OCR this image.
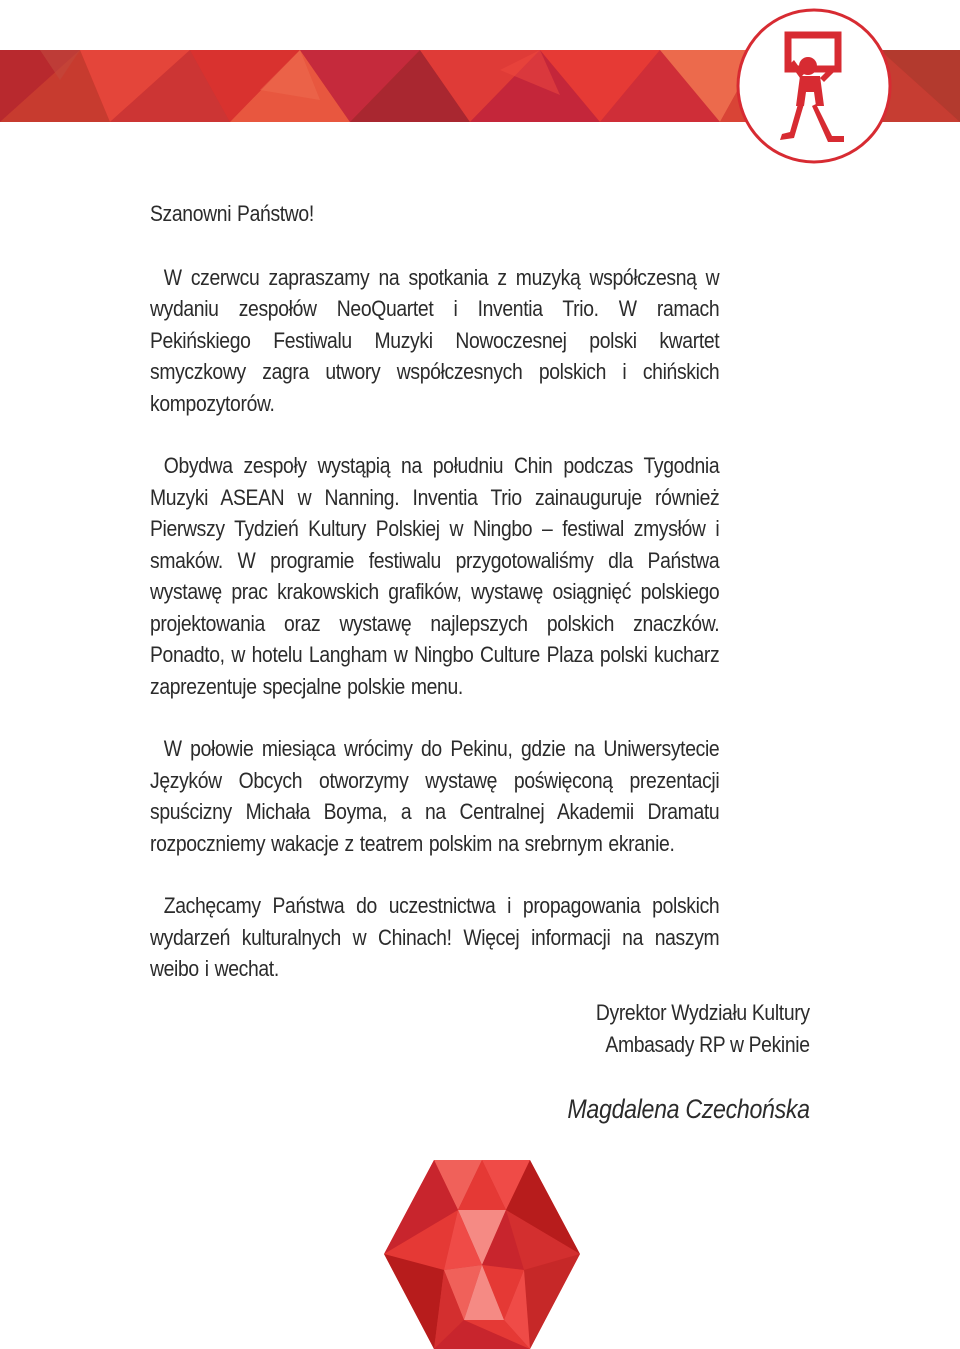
Szanowni Państwo!

W czerwcu zapraszamy na spotkania z muzyką współczesną w wydaniu zespołów NeoQuartet i Inventia Trio. W ramach Pekińskiego Festiwalu Muzyki Nowoczesnej polski kwartet smyczkowy zagra utwory współczesnych polskich i chińskich kompozytorów.

Obydwa zespoły wystąpią na południu Chin podczas Tygodnia Muzyki ASEAN w Nanning. Inventia Trio zainauguruje również Pierwszy Tydzień Kultury Polskiej w Ningbo – festiwal zmysłów i smaków. W programie festiwalu przygotowaliśmy dla Państwa wystawę prac krakowskich grafików, wystawę osiągnięć polskiego projektowania oraz wystawę najlepszych polskich znaczków. Ponadto, w hotelu Langham w Ningbo Culture Plaza polski kucharz zaprezentuje specjalne polskie menu.

W połowie miesiąca wrócimy do Pekinu, gdzie na Uniwersytecie Języków Obcych otworzymy wystawę poświęconą prezentacji spuścizny Michała Boyma, a na Centralnej Akademii Dramatu rozpoczniemy wakacje z teatrem polskim na srebrnym ekranie.

Zachęcamy Państwa do uczestnictwa i propagowania polskich wydarzeń kulturalnych w Chinach! Więcej informacji na naszym weibo i wechat.

Dyrektor Wydziału Kultury
Ambasady RP w Pekinie
Magdalena Czechońska
